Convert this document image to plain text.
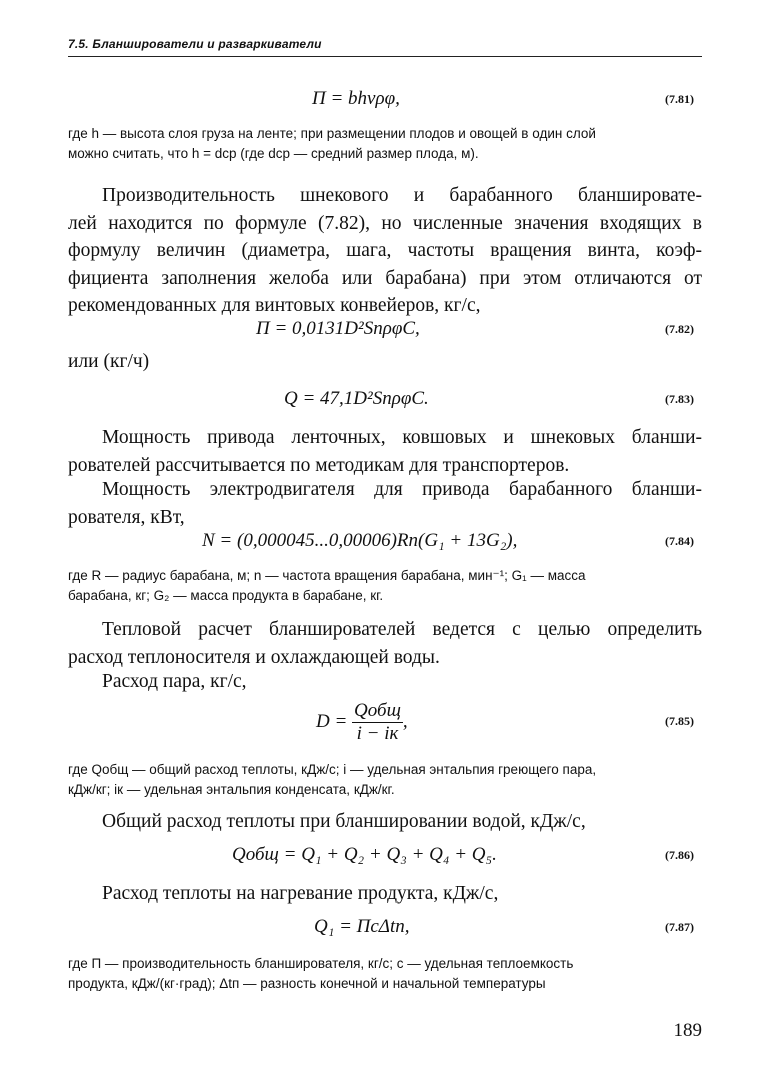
7.5. Бланширователи и разваркиватели
П = bhvρφ,	(7.81)
где h — высота слоя груза на ленте; при размещении плодов и овощей в один слой
можно считать, что h = dср (где dср — средний размер плода, м).
Производительность шнекового и барабанного бланшировате-
лей находится по формуле (7.82), но численные значения входящих в
формулу величин (диаметра, шага, частоты вращения винта, коэф-
фициента заполнения желоба или барабана) при этом отличаются от
рекомендованных для винтовых конвейеров, кг/с,
П = 0,0131D²SnρφC,	(7.82)
или (кг/ч)
Q = 47,1D²SnρφC.	(7.83)
Мощность привода ленточных, ковшовых и шнековых бланши-
рователей рассчитывается по методикам для транспортеров.
Мощность электродвигателя для привода барабанного бланши-
рователя, кВт,
N = (0,000045...0,00006)Rn(G₁ + 13G₂),	(7.84)
где R — радиус барабана, м; n — частота вращения барабана, мин⁻¹; G₁ — масса
барабана, кг; G₂ — масса продукта в барабане, кг.
Тепловой расчет бланширователей ведется с целью определить
расход теплоносителя и охлаждающей воды.
Расход пара, кг/с,
$D = \frac{\text{Qобщ}}{i - iк}$ ,	(7.85)
где Qобщ — общий расход теплоты, кДж/с; i — удельная энтальпия греющего пара,
кДж/кг; iк — удельная энтальпия конденсата, кДж/кг.
Общий расход теплоты при бланшировании водой, кДж/с,
Qобщ = Q₁ + Q₂ + Q₃ + Q₄ + Q₅.	(7.86)
Расход теплоты на нагревание продукта, кДж/с,
Q₁ = ПcΔtп,	(7.87)
где П — производительность бланширователя, кг/с; c — удельная теплоемкость
продукта, кДж/(кг·град); Δtп — разность конечной и начальной температуры
189
